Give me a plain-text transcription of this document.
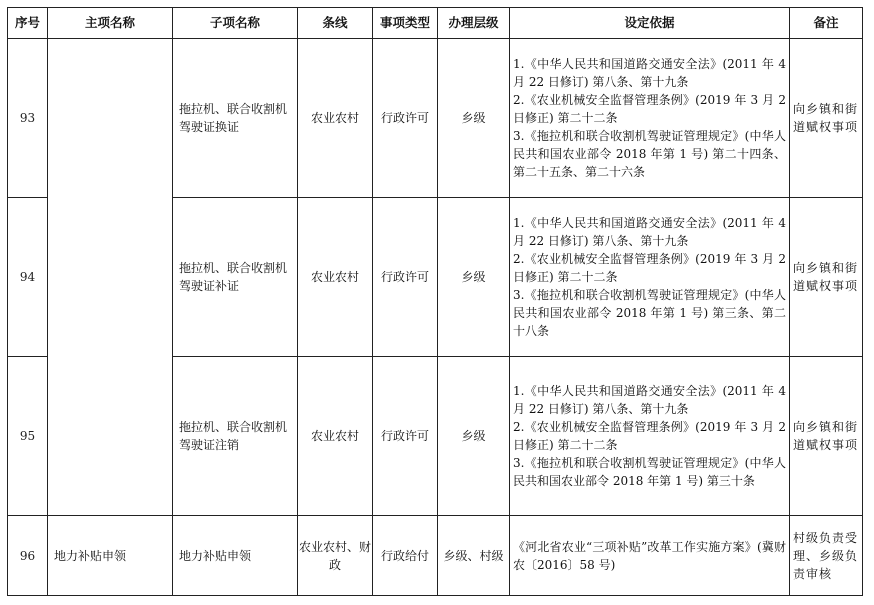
序号	主项名称	子项名称	条线	事项类型	办理层级	设定依据	备注
93		拖拉机、联合收割机驾驶证换证	农业农村	行政许可	乡级	1.《中华人民共和国道路交通安全法》(2011 年 4 月 22 日修订) 第八条、第十九条
2.《农业机械安全监督管理条例》(2019 年 3 月 2 日修正) 第二十二条
3.《拖拉机和联合收割机驾驶证管理规定》(中华人民共和国农业部令 2018 年第 1 号) 第二十四条、第二十五条、第二十六条	向乡镇和街道赋权事项
94		拖拉机、联合收割机驾驶证补证	农业农村	行政许可	乡级	1.《中华人民共和国道路交通安全法》(2011 年 4 月 22 日修订) 第八条、第十九条
2.《农业机械安全监督管理条例》(2019 年 3 月 2 日修正) 第二十二条
3.《拖拉机和联合收割机驾驶证管理规定》(中华人民共和国农业部令 2018 年第 1 号) 第三条、第二十八条	向乡镇和街道赋权事项
95		拖拉机、联合收割机驾驶证注销	农业农村	行政许可	乡级	1.《中华人民共和国道路交通安全法》(2011 年 4 月 22 日修订) 第八条、第十九条
2.《农业机械安全监督管理条例》(2019 年 3 月 2 日修正) 第二十二条
3.《拖拉机和联合收割机驾驶证管理规定》(中华人民共和国农业部令 2018 年第 1 号) 第三十条	向乡镇和街道赋权事项
96	地力补贴申领	地力补贴申领	农业农村、财政	行政给付	乡级、村级	《河北省农业“三项补贴”改革工作实施方案》(冀财农〔2016〕58 号)	村级负责受理、乡级负责审核
